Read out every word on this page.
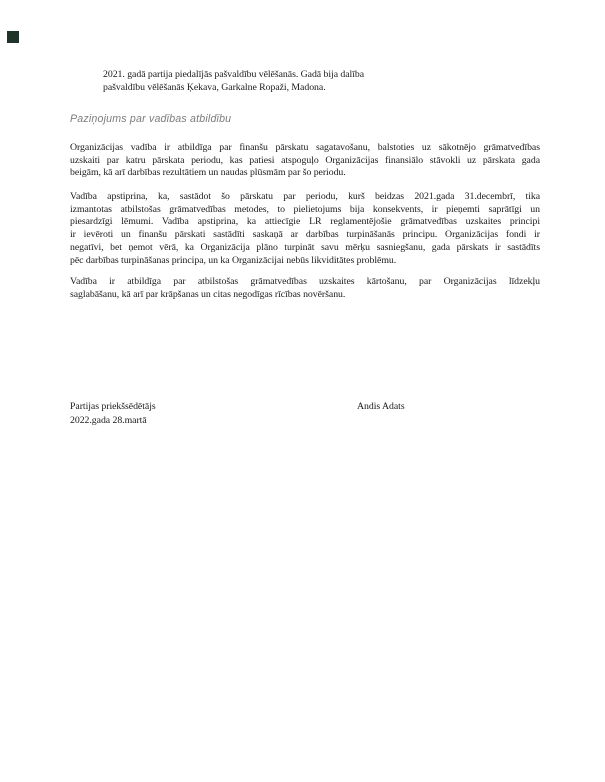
2021. gadā partija piedalījās pašvaldību vēlēšanās. Gadā bija dalība
pašvaldību vēlēšanās Ķekava, Garkalne Ropaži, Madona.
Paziņojums par vadības atbildību
Organizācijas vadība ir atbildīga par finanšu pārskatu sagatavošanu, balstoties uz sākotnējo grāmatvedības
uzskaiti par katru pārskata periodu, kas patiesi atspoguļo Organizācijas finansiālo stāvokli uz pārskata gada
beigām, kā arī darbības rezultātiem un naudas plūsmām par šo periodu.
Vadība apstiprina, ka, sastādot šo pārskatu par periodu, kurš beidzas 2021.gada 31.decembrī, tika
izmantotas atbilstošas grāmatvedības metodes, to pielietojums bija konsekvents, ir pieņemti saprātīgi un
piesardzīgi lēmumi. Vadība apstiprina, ka attiecīgie LR reglamentējošie grāmatvedības uzskaites principi
ir ievēroti un finanšu pārskati sastādīti saskaņā ar darbības turpināšanās principu. Organizācijas fondi ir
negatīvi, bet ņemot vērā, ka Organizācija plāno turpināt savu mērķu sasniegšanu, gada pārskats ir sastādīts
pēc darbības turpināšanas principa, un ka Organizācijai nebūs likviditātes problēmu.
Vadība ir atbildīga par atbilstošas grāmatvedības uzskaites kārtošanu, par Organizācijas līdzekļu
saglabāšanu, kā arī par krāpšanas un citas negodīgas rīcības novēršanu.
Partijas priekšsēdētājs	Andis Adats
2022.gada 28.martā
